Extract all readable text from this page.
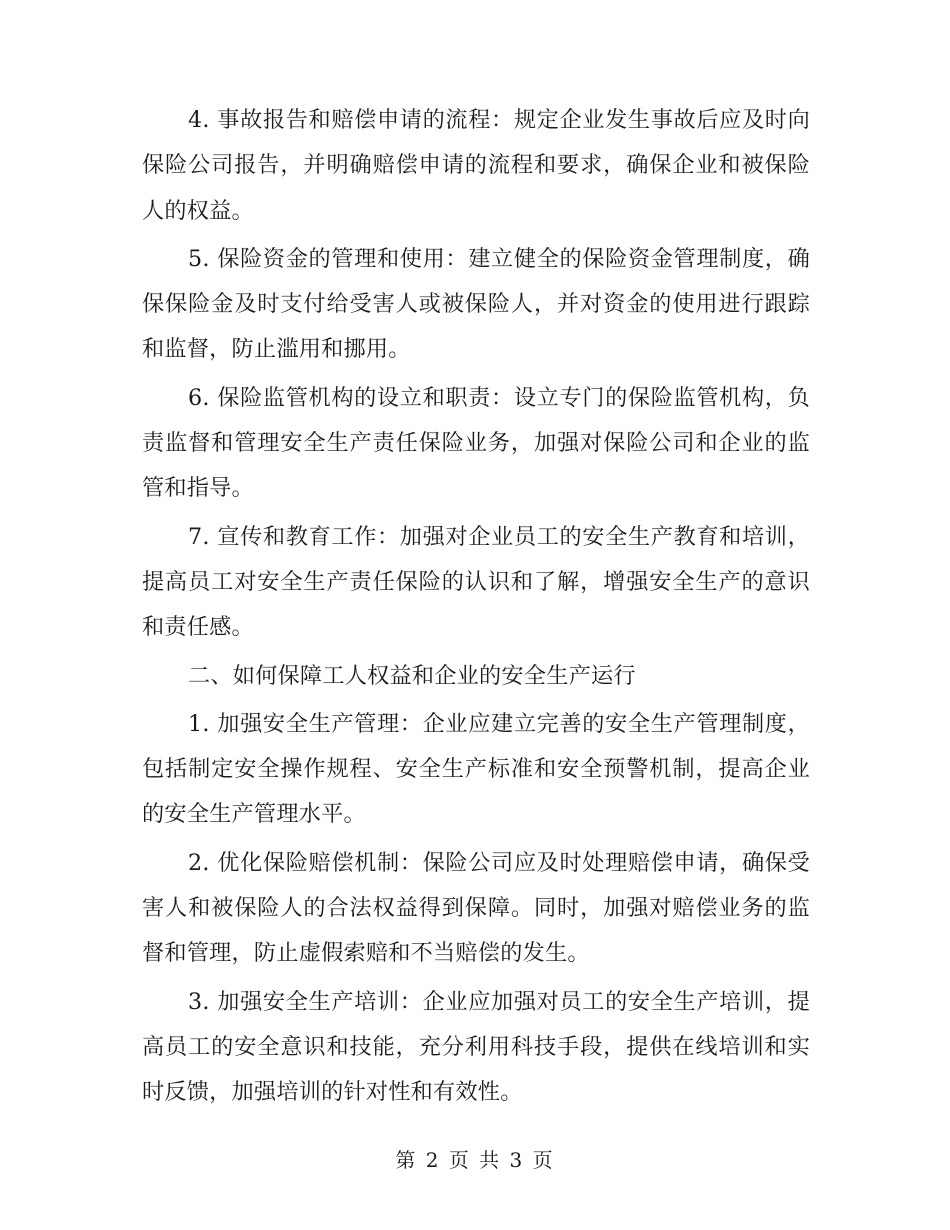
4. 事故报告和赔偿申请的流程：规定企业发生事故后应及时向保险公司报告，并明确赔偿申请的流程和要求，确保企业和被保险人的权益。

5. 保险资金的管理和使用：建立健全的保险资金管理制度，确保保险金及时支付给受害人或被保险人，并对资金的使用进行跟踪和监督，防止滥用和挪用。

6. 保险监管机构的设立和职责：设立专门的保险监管机构，负责监督和管理安全生产责任保险业务，加强对保险公司和企业的监管和指导。

7. 宣传和教育工作：加强对企业员工的安全生产教育和培训，提高员工对安全生产责任保险的认识和了解，增强安全生产的意识和责任感。

二、如何保障工人权益和企业的安全生产运行

1. 加强安全生产管理：企业应建立完善的安全生产管理制度，包括制定安全操作规程、安全生产标准和安全预警机制，提高企业的安全生产管理水平。

2. 优化保险赔偿机制：保险公司应及时处理赔偿申请，确保受害人和被保险人的合法权益得到保障。同时，加强对赔偿业务的监督和管理，防止虚假索赔和不当赔偿的发生。

3. 加强安全生产培训：企业应加强对员工的安全生产培训，提高员工的安全意识和技能，充分利用科技手段，提供在线培训和实时反馈，加强培训的针对性和有效性。

第 2 页 共 3 页
